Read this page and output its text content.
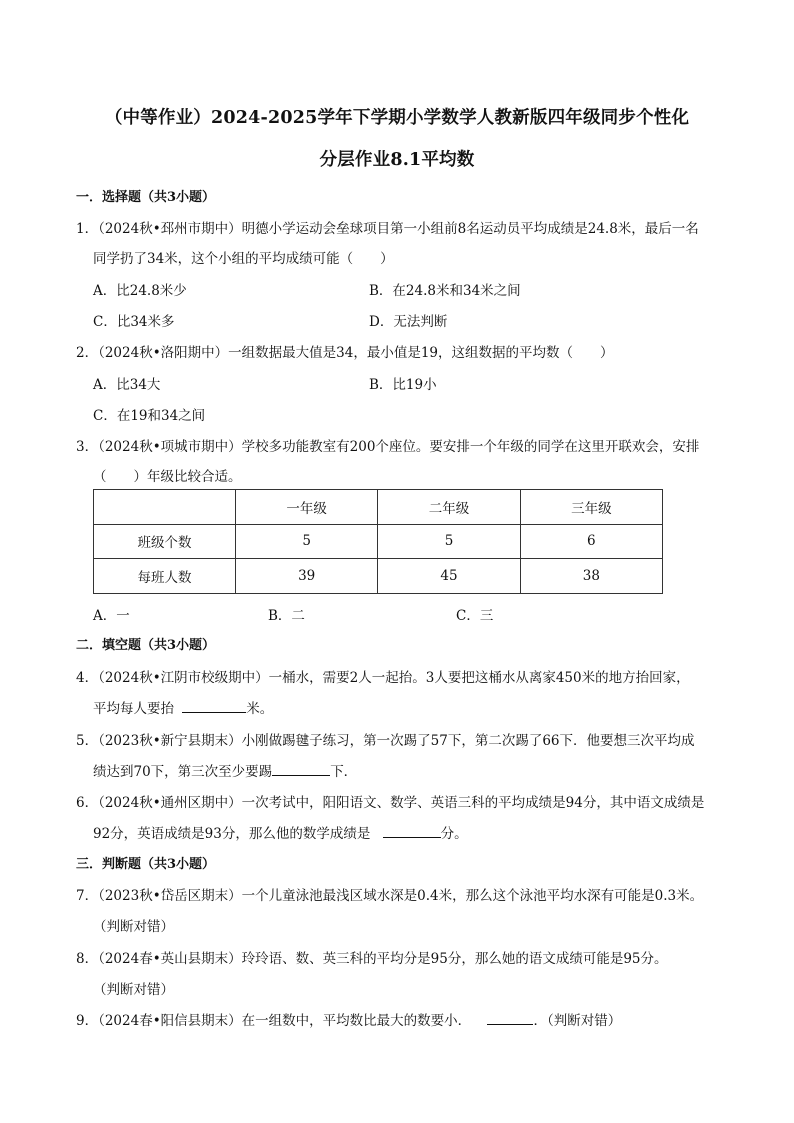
（中等作业）2024-2025学年下学期小学数学人教新版四年级同步个性化
分层作业8.1平均数
一．选择题（共3小题）
1．（2024秋•邳州市期中）明德小学运动会垒球项目第一小组前8名运动员平均成绩是24.8米，最后一名
同学扔了34米，这个小组的平均成绩可能（　　）
A．比24.8米少	B．在24.8米和34米之间
C．比34米多	D．无法判断
2．（2024秋•洛阳期中）一组数据最大值是34，最小值是19，这组数据的平均数（　　）
A．比34大	B．比19小
C．在19和34之间
3．（2024秋•项城市期中）学校多功能教室有200个座位。要安排一个年级的同学在这里开联欢会，安排
（　　）年级比较合适。
	一年级	二年级	三年级
班级个数	5	5	6
每班人数	39	45	38
A．一	B．二	C．三
二．填空题（共3小题）
4．（2024秋•江阴市校级期中）一桶水，需要2人一起抬。3人要把这桶水从离家450米的地方抬回家，
平均每人要抬	米。
5．（2023秋•新宁县期末）小刚做踢毽子练习，第一次踢了57下，第二次踢了66下．他要想三次平均成
绩达到70下，第三次至少要踢	下．
6．（2024秋•通州区期中）一次考试中，阳阳语文、数学、英语三科的平均成绩是94分，其中语文成绩是
92分，英语成绩是93分，那么他的数学成绩是	分。
三．判断题（共3小题）
7．（2023秋•岱岳区期末）一个儿童泳池最浅区域水深是0.4米，那么这个泳池平均水深有可能是0.3米。
（判断对错）
8．（2024春•英山县期末）玲玲语、数、英三科的平均分是95分，那么她的语文成绩可能是95分。
（判断对错）
9．（2024春•阳信县期末）在一组数中，平均数比最大的数要小．	．（判断对错）
